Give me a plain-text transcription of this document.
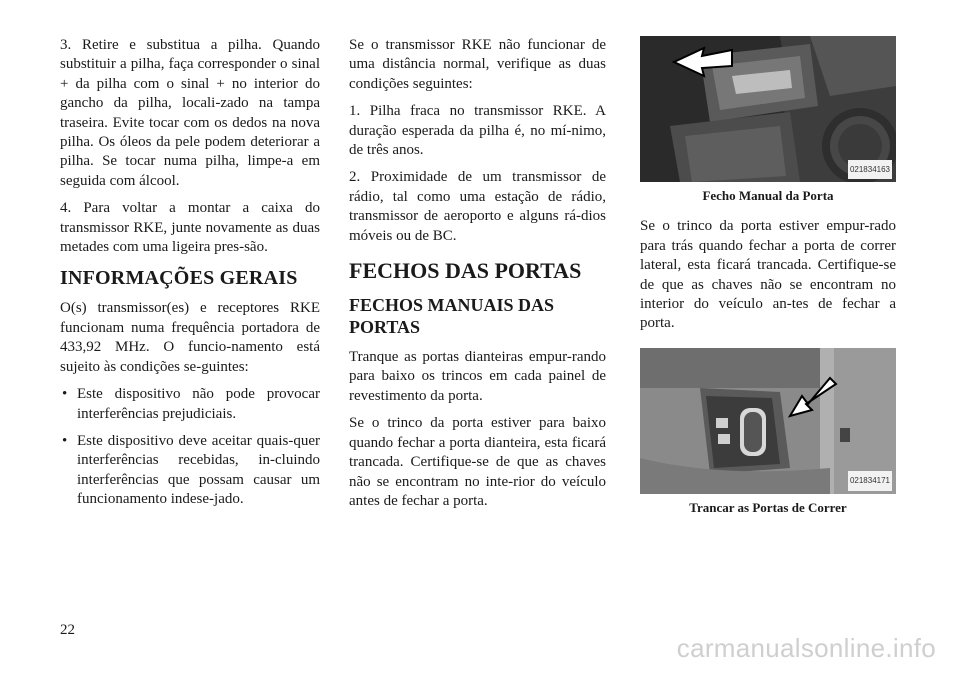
3. Retire e substitua a pilha. Quando substituir a pilha, faça corresponder o sinal + da pilha com o sinal + no interior do gancho da pilha, locali-zado na tampa traseira. Evite tocar com os dedos na nova pilha. Os óleos da pele podem deteriorar a pilha. Se tocar numa pilha, limpe-a em seguida com álcool.

4. Para voltar a montar a caixa do transmissor RKE, junte novamente as duas metades com uma ligeira pres-são.

INFORMAÇÕES GERAIS

O(s) transmissor(es) e receptores RKE funcionam numa frequência portadora de 433,92 MHz. O funcio-namento está sujeito às condições se-guintes:

• Este dispositivo não pode provocar interferências prejudiciais.
• Este dispositivo deve aceitar quais-quer interferências recebidas, in-cluindo interferências que possam causar um funcionamento indese-jado.

Se o transmissor RKE não funcionar de uma distância normal, verifique as duas condições seguintes:

1. Pilha fraca no transmissor RKE. A duração esperada da pilha é, no mí-nimo, de três anos.

2. Proximidade de um transmissor de rádio, tal como uma estação de rádio, transmissor de aeroporto e alguns rá-dios móveis ou de BC.

FECHOS DAS PORTAS
FECHOS MANUAIS DAS PORTAS

Tranque as portas dianteiras empur-rando para baixo os trincos em cada painel de revestimento da porta.

Se o trinco da porta estiver para baixo quando fechar a porta dianteira, esta ficará trancada. Certifique-se de que as chaves não se encontram no inte-rior do veículo antes de fechar a porta.

021834163
Fecho Manual da Porta

Se o trinco da porta estiver empur-rado para trás quando fechar a porta de correr lateral, esta ficará trancada. Certifique-se de que as chaves não se encontram no interior do veículo an-tes de fechar a porta.

021834171
Trancar as Portas de Correr
22
carmanualsonline.info
